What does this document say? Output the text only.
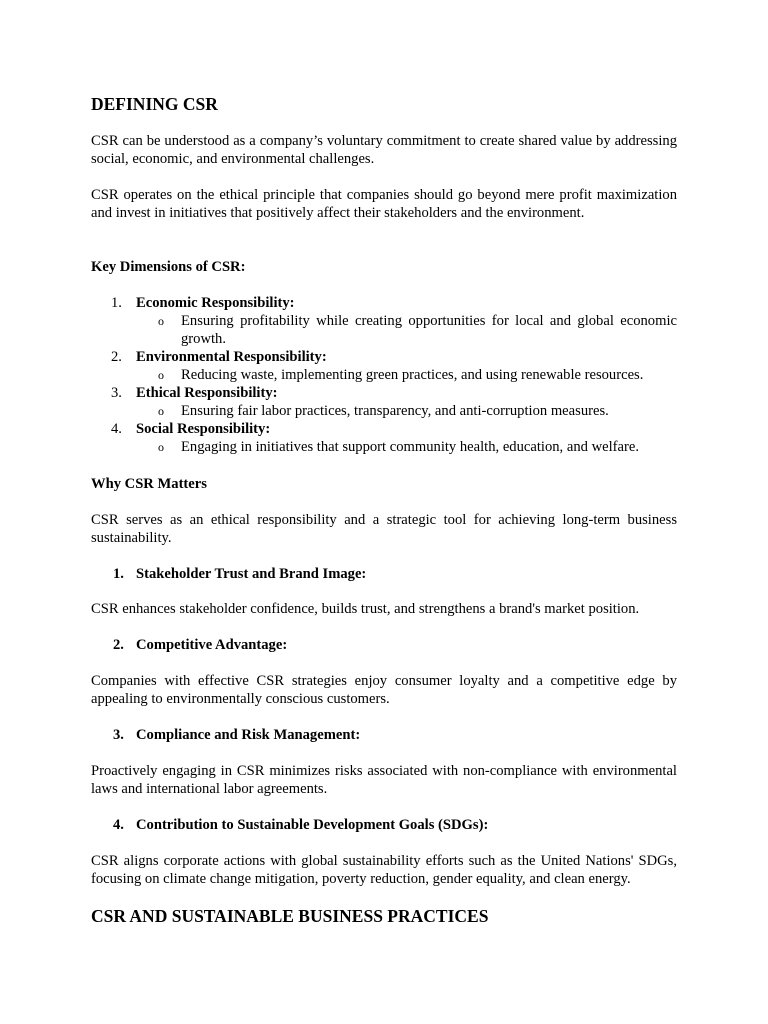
DEFINING CSR

CSR can be understood as a company’s voluntary commitment to create shared value by addressing social, economic, and environmental challenges.

CSR operates on the ethical principle that companies should go beyond mere profit maximization and invest in initiatives that positively affect their stakeholders and the environment.

Key Dimensions of CSR:
1. Economic Responsibility:
o Ensuring profitability while creating opportunities for local and global economic growth.
2. Environmental Responsibility:
o Reducing waste, implementing green practices, and using renewable resources.
3. Ethical Responsibility:
o Ensuring fair labor practices, transparency, and anti-corruption measures.
4. Social Responsibility:
o Engaging in initiatives that support community health, education, and welfare.
Why CSR Matters

CSR serves as an ethical responsibility and a strategic tool for achieving long-term business sustainability.

1. Stakeholder Trust and Brand Image:

CSR enhances stakeholder confidence, builds trust, and strengthens a brand's market position.

2. Competitive Advantage:

Companies with effective CSR strategies enjoy consumer loyalty and a competitive edge by appealing to environmentally conscious customers.

3. Compliance and Risk Management:

Proactively engaging in CSR minimizes risks associated with non-compliance with environmental laws and international labor agreements.

4. Contribution to Sustainable Development Goals (SDGs):

CSR aligns corporate actions with global sustainability efforts such as the United Nations' SDGs, focusing on climate change mitigation, poverty reduction, gender equality, and clean energy.

CSR AND SUSTAINABLE BUSINESS PRACTICES
